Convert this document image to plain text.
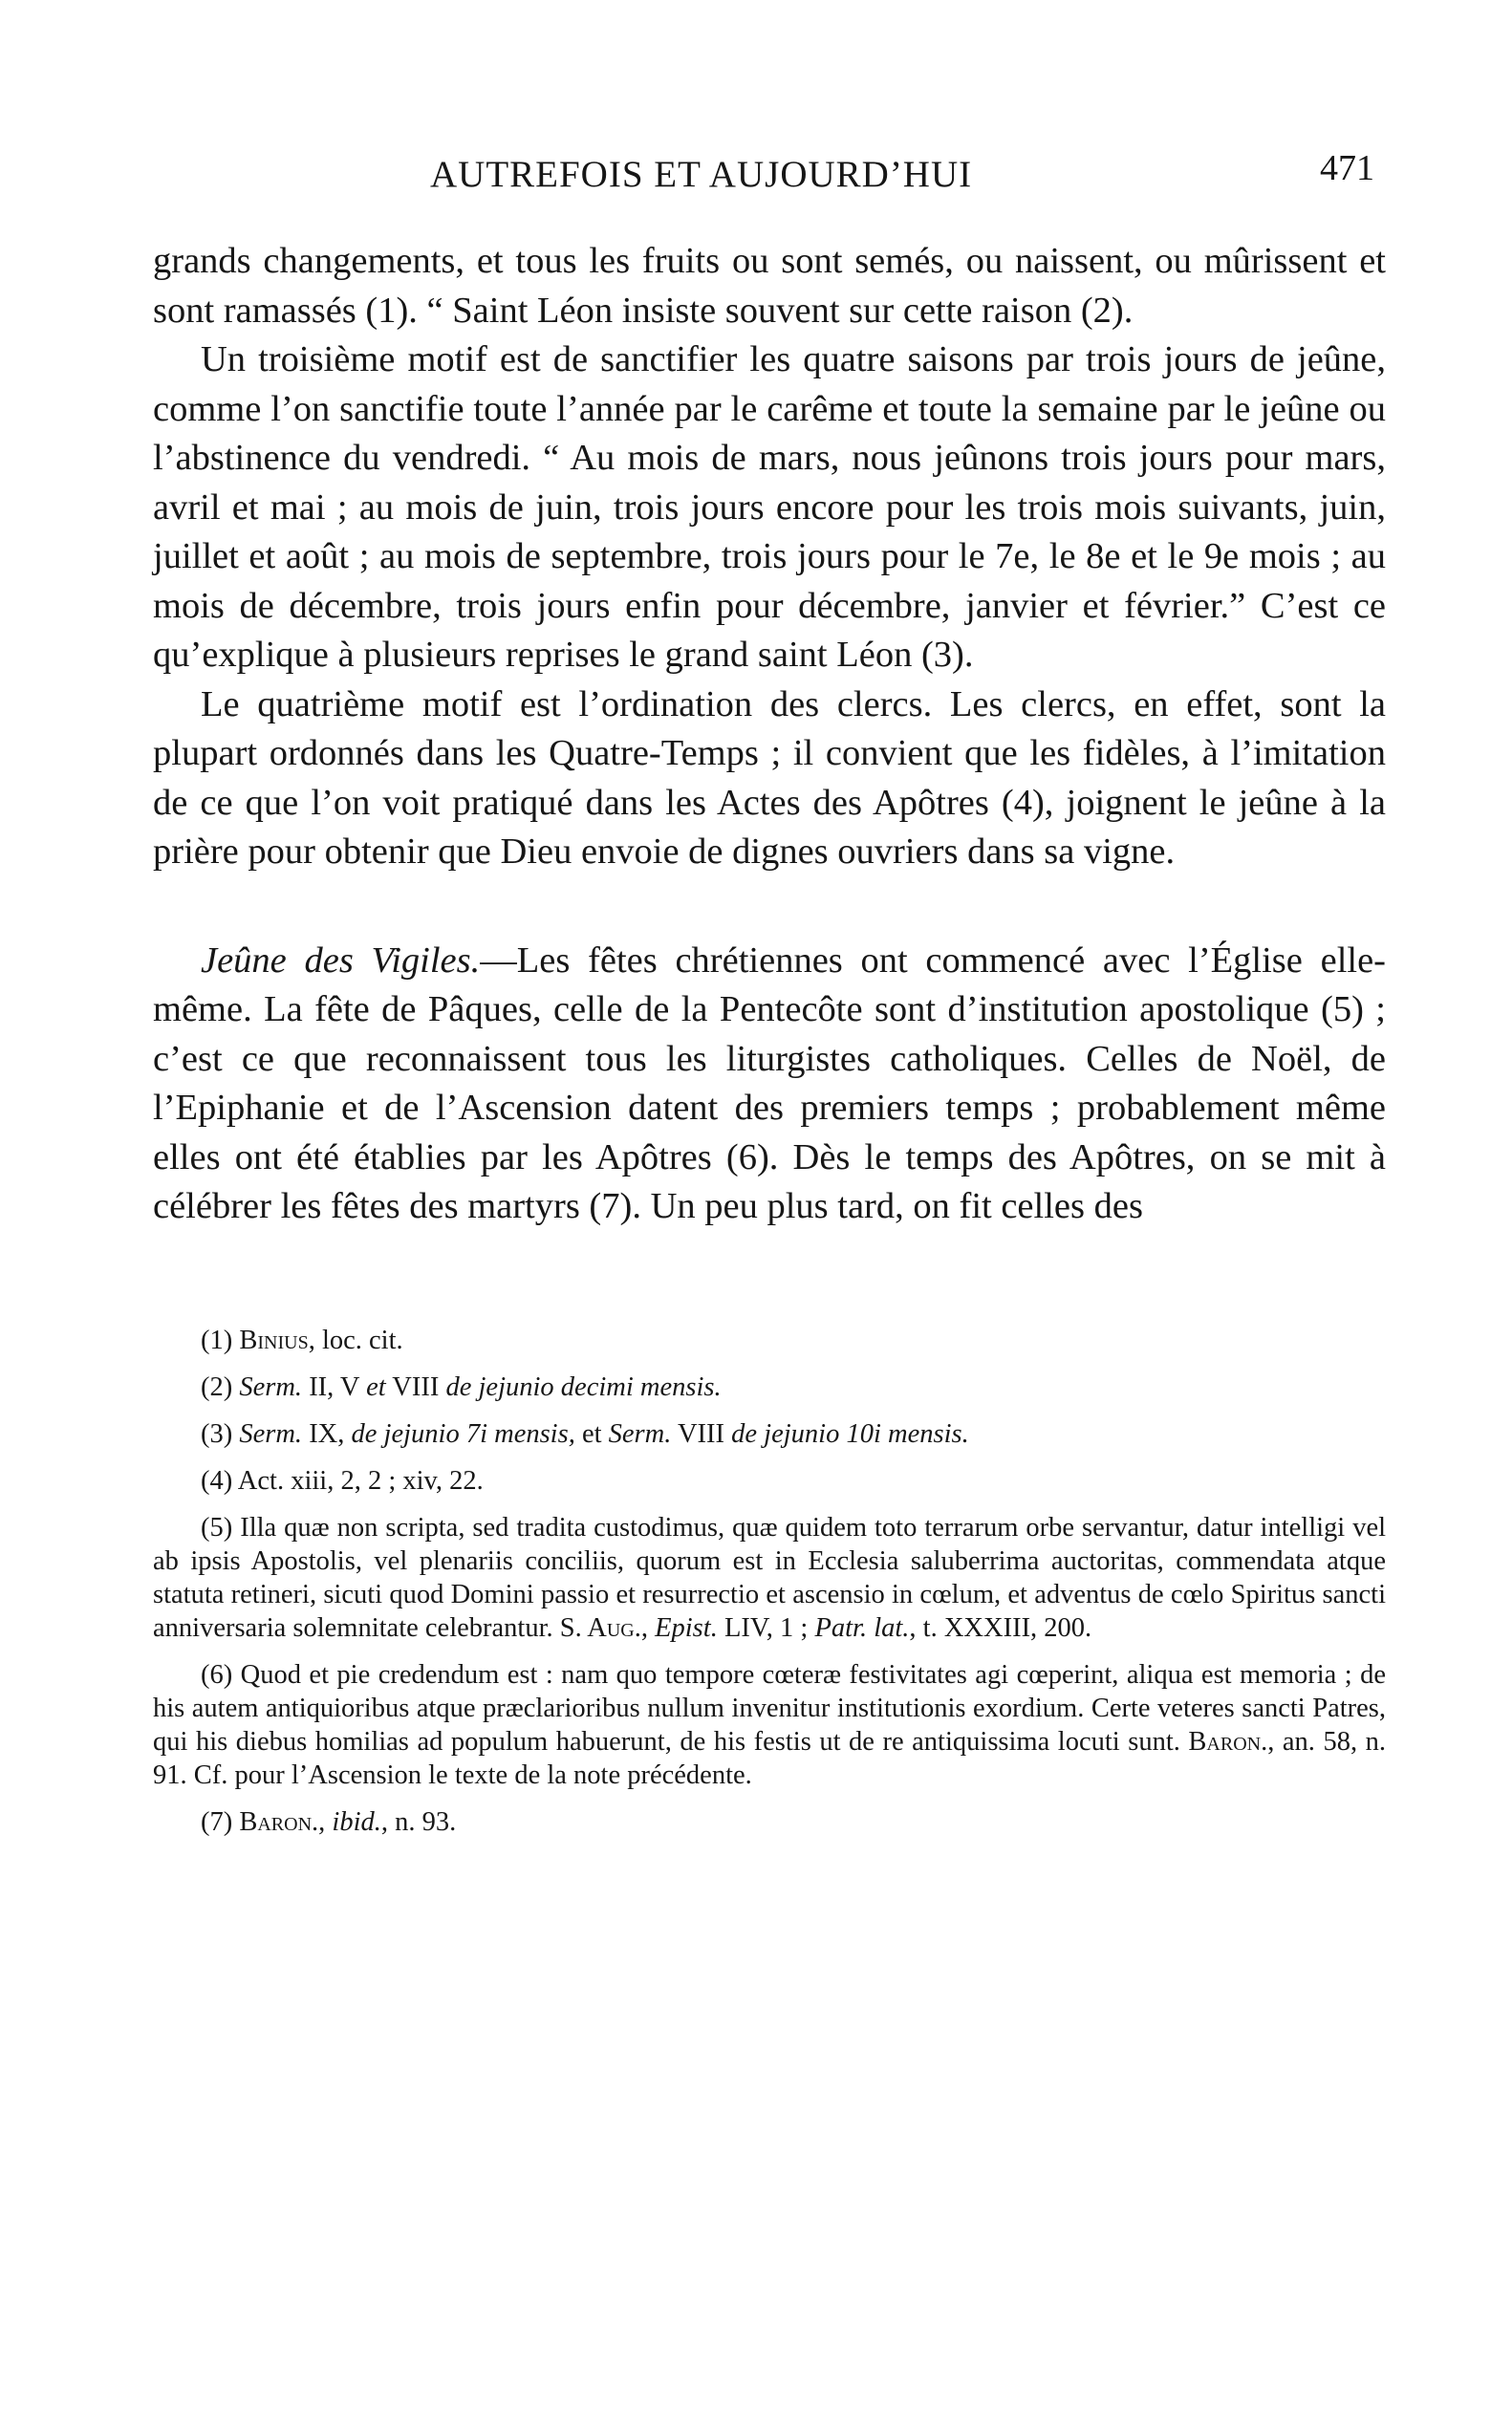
AUTREFOIS ET AUJOURD’HUI	471

grands changements, et tous les fruits ou sont semés, ou naissent, ou mûrissent et sont ramassés (1). “ Saint Léon insiste souvent sur cette raison (2).

Un troisième motif est de sanctifier les quatre saisons par trois jours de jeûne, comme l’on sanctifie toute l’année par le carême et toute la semaine par le jeûne ou l’abstinence du vendredi. “ Au mois de mars, nous jeûnons trois jours pour mars, avril et mai ; au mois de juin, trois jours encore pour les trois mois suivants, juin, juillet et août ; au mois de septembre, trois jours pour le 7e, le 8e et le 9e mois ; au mois de décembre, trois jours enfin pour décembre, janvier et février.” C’est ce qu’explique à plusieurs reprises le grand saint Léon (3).

Le quatrième motif est l’ordination des clercs. Les clercs, en effet, sont la plupart ordonnés dans les Quatre-Temps ; il convient que les fidèles, à l’imitation de ce que l’on voit pratiqué dans les Actes des Apôtres (4), joignent le jeûne à la prière pour obtenir que Dieu envoie de dignes ouvriers dans sa vigne.

Jeûne des Vigiles.—Les fêtes chrétiennes ont commencé avec l’Église elle-même. La fête de Pâques, celle de la Pentecôte sont d’institution apostolique (5) ; c’est ce que reconnaissent tous les liturgistes catholiques. Celles de Noël, de l’Epiphanie et de l’Ascension datent des premiers temps ; probablement même elles ont été établies par les Apôtres (6). Dès le temps des Apôtres, on se mit à célébrer les fêtes des martyrs (7). Un peu plus tard, on fit celles des

(1) Binius, loc. cit.
(2) Serm. II, V et VIII de jejunio decimi mensis.
(3) Serm. IX, de jejunio 7i mensis, et Serm. VIII de jejunio 10i mensis.
(4) Act. xiii, 2, 2 ; xiv, 22.
(5) Illa quæ non scripta, sed tradita custodimus, quæ quidem toto terrarum orbe servantur, datur intelligi vel ab ipsis Apostolis, vel plenariis conciliis, quorum est in Ecclesia saluberrima auctoritas, commendata atque statuta retineri, sicuti quod Domini passio et resurrectio et ascensio in cœlum, et adventus de cœlo Spiritus sancti anniversaria solemnitate celebrantur. S. Aug., Epist. LIV, 1 ; Patr. lat., t. XXXIII, 200.
(6) Quod et pie credendum est : nam quo tempore cœteræ festivitates agi cœperint, aliqua est memoria ; de his autem antiquioribus atque præclarioribus nullum invenitur institutionis exordium. Certe veteres sancti Patres, qui his diebus homilias ad populum habuerunt, de his festis ut de re antiquissima locuti sunt. Baron., an. 58, n. 91. Cf. pour l’Ascension le texte de la note précédente.
(7) Baron., ibid., n. 93.
